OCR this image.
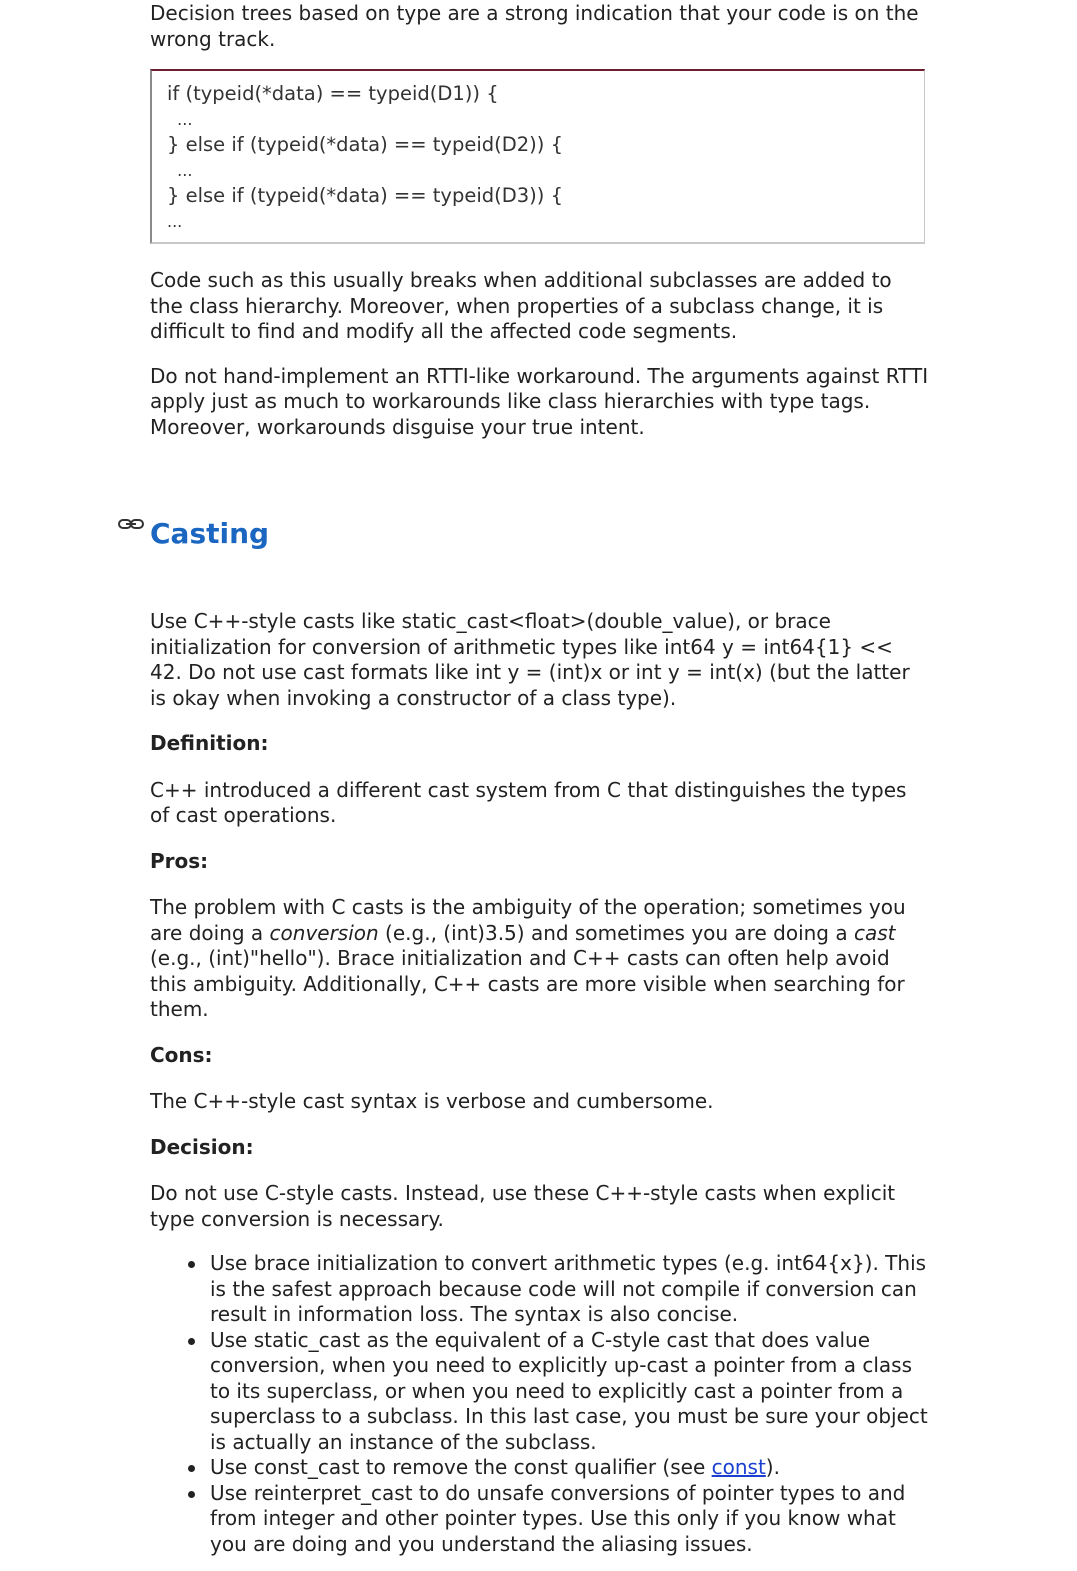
Decision trees based on type are a strong indication that your code is on the wrong track.

if (typeid(*data) == typeid(D1)) {
...
} else if (typeid(*data) == typeid(D2)) {
...
} else if (typeid(*data) == typeid(D3)) {
...

Code such as this usually breaks when additional subclasses are added to the class hierarchy. Moreover, when properties of a subclass change, it is difficult to find and modify all the affected code segments.

Do not hand-implement an RTTI-like workaround. The arguments against RTTI apply just as much to workarounds like class hierarchies with type tags. Moreover, workarounds disguise your true intent.

Casting

Use C++-style casts like static_cast<float>(double_value), or brace initialization for conversion of arithmetic types like int64 y = int64{1} << 42. Do not use cast formats like int y = (int)x or int y = int(x) (but the latter is okay when invoking a constructor of a class type).

Definition:

C++ introduced a different cast system from C that distinguishes the types of cast operations.

Pros:

The problem with C casts is the ambiguity of the operation; sometimes you are doing a conversion (e.g., (int)3.5) and sometimes you are doing a cast (e.g., (int)"hello"). Brace initialization and C++ casts can often help avoid this ambiguity. Additionally, C++ casts are more visible when searching for them.

Cons:

The C++-style cast syntax is verbose and cumbersome.

Decision:

Do not use C-style casts. Instead, use these C++-style casts when explicit type conversion is necessary.

Use brace initialization to convert arithmetic types (e.g. int64{x}). This is the safest approach because code will not compile if conversion can result in information loss. The syntax is also concise.
Use static_cast as the equivalent of a C-style cast that does value conversion, when you need to explicitly up-cast a pointer from a class to its superclass, or when you need to explicitly cast a pointer from a superclass to a subclass. In this last case, you must be sure your object is actually an instance of the subclass.
Use const_cast to remove the const qualifier (see const).
Use reinterpret_cast to do unsafe conversions of pointer types to and from integer and other pointer types. Use this only if you know what you are doing and you understand the aliasing issues.
